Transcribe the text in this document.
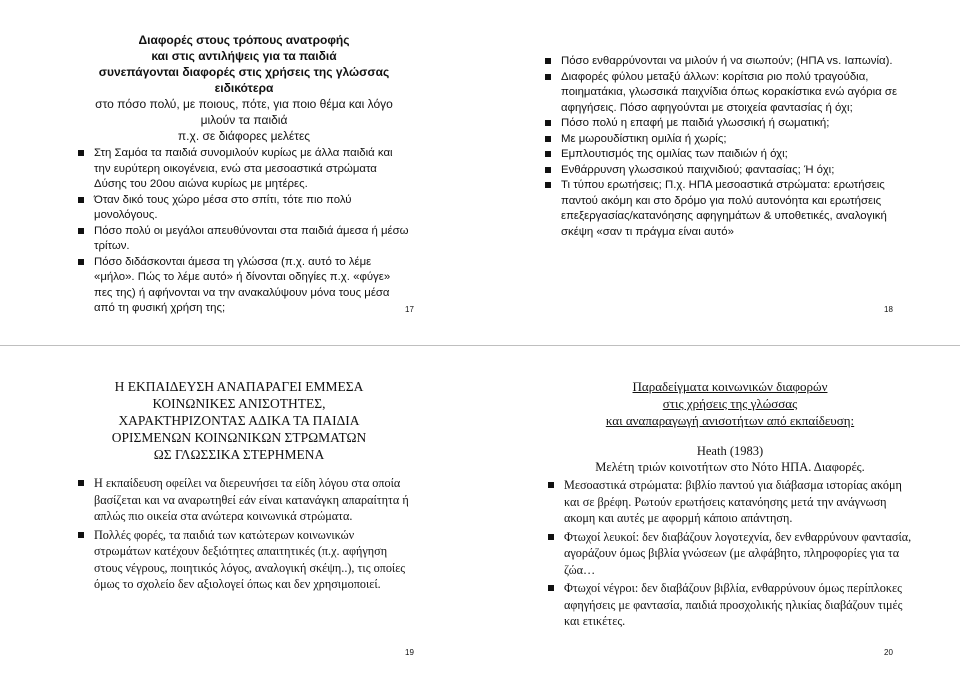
Διαφορές στους τρόπους ανατροφής
και στις αντιλήψεις για τα παιδιά
συνεπάγονται διαφορές στις χρήσεις της γλώσσας
ειδικότερα
στο πόσο πολύ, με ποιους, πότε, για ποιο θέμα και λόγο
μιλούν τα παιδιά
π.χ. σε διάφορες μελέτες
Στη Σαμόα τα παιδιά συνομιλούν κυρίως με άλλα παιδιά και την ευρύτερη οικογένεια, ενώ στα μεσοαστικά στρώματα Δύσης του 20ου αιώνα κυρίως με μητέρες.
Όταν δικό τους χώρο μέσα στο σπίτι, τότε πιο πολύ μονολόγους.
Πόσο πολύ οι μεγάλοι απευθύνονται στα παιδιά άμεσα ή μέσω τρίτων.
Πόσο διδάσκονται άμεσα τη γλώσσα (π.χ. αυτό το λέμε «μήλο». Πώς το λέμε αυτό» ή δίνονται οδηγίες π.χ. «φύγε» πες της) ή αφήνονται να την ανακαλύψουν μόνα τους μέσα από τη φυσική χρήση της;	17
Πόσο ενθαρρύνονται να μιλούν ή να σιωπούν; (ΗΠΑ vs. Ιαπωνία).
Διαφορές φύλου μεταξύ άλλων: κορίτσια ριο πολύ τραγούδια, ποιηματάκια, γλωσσικά παιχνίδια όπως κορακίστικα ενώ αγόρια σε αφηγήσεις. Πόσο αφηγούνται με στοιχεία φαντασίας ή όχι;
Πόσο πολύ η επαφή με παιδιά γλωσσική ή σωματική;
Με μωρουδίστικη ομιλία ή χωρίς;
Εμπλουτισμός της ομιλίας των παιδιών ή όχι;
Ενθάρρυνση γλωσσικού παιχνιδιού; φαντασίας; Ή όχι;
Τι τύπου ερωτήσεις; Π.χ. ΗΠΑ μεσοαστικά στρώματα: ερωτήσεις παντού ακόμη και στο δρόμο για πολύ αυτονόητα και ερωτήσεις επεξεργασίας/κατανόησης αφηγημάτων & υποθετικές, αναλογική σκέψη «σαν τι πράγμα είναι αυτό»
18
Η ΕΚΠΑΙΔΕΥΣΗ ΑΝΑΠΑΡΑΓΕΙ ΕΜΜΕΣΑ
ΚΟΙΝΩΝΙΚΕΣ ΑΝΙΣΟΤΗΤΕΣ,
ΧΑΡΑΚΤΗΡΙΖΟΝΤΑΣ ΑΔΙΚΑ ΤΑ ΠΑΙΔΙΑ
ΟΡΙΣΜΕΝΩΝ ΚΟΙΝΩΝΙΚΩΝ ΣΤΡΩΜΑΤΩΝ
ΩΣ ΓΛΩΣΣΙΚΑ ΣΤΕΡΗΜΕΝΑ
Η εκπαίδευση οφείλει να διερευνήσει τα είδη λόγου στα οποία βασίζεται και να αναρωτηθεί εάν είναι κατανάγκη απαραίτητα ή απλώς πιο οικεία στα ανώτερα κοινωνικά στρώματα.
Πολλές φορές, τα παιδιά των κατώτερων κοινωνικών στρωμάτων κατέχουν δεξιότητες απαιτητικές (π.χ. αφήγηση στους νέγρους, ποιητικός λόγος, αναλογική σκέψη..), τις οποίες όμως το σχολείο δεν αξιολογεί όπως και δεν χρησιμοποιεί.
19
Παραδείγματα κοινωνικών διαφορών
στις χρήσεις της γλώσσας
και αναπαραγωγή ανισοτήτων από εκπαίδευση:
Heath (1983)
Μελέτη τριών κοινοτήτων στο Νότο ΗΠΑ. Διαφορές.
Μεσοαστικά στρώματα: βιβλίο παντού για διάβασμα ιστορίας ακόμη και σε βρέφη. Ρωτούν ερωτήσεις κατανόησης μετά την ανάγνωση ακομη και αυτές με αφορμή κάποιο απάντηση.
Φτωχοί λευκοί: δεν διαβάζουν λογοτεχνία, δεν ενθαρρύνουν φαντασία, αγοράζουν όμως βιβλία γνώσεων (με αλφάβητο, πληροφορίες για τα ζώα…
Φτωχοί νέγροι: δεν διαβάζουν βιβλία, ενθαρρύνουν όμως περίπλοκες αφηγήσεις με φαντασία, παιδιά προσχολικής ηλικίας διαβάζουν τιμές και ετικέτες.
20
